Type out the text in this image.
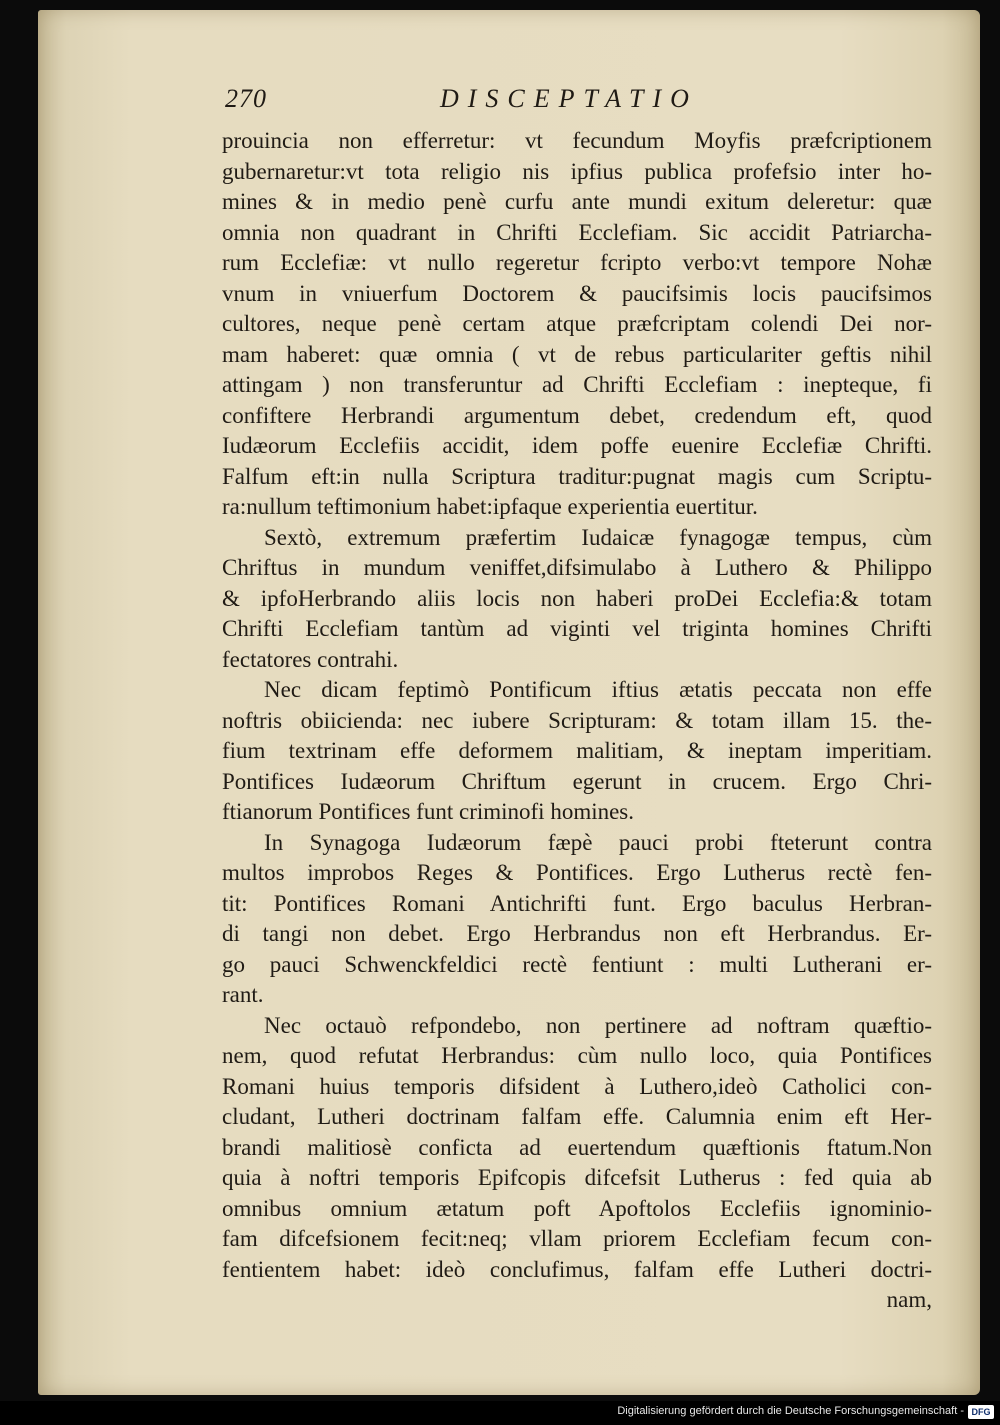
270	DISCEPTATIO
prouincia non efferretur: vt fecundum Moyfis præfcriptionem
gubernaretur:vt tota religio nis ipfius publica profefsio inter ho-
mines & in medio penè curfu ante mundi exitum deleretur: quæ
omnia non quadrant in Chrifti Ecclefiam. Sic accidit Patriarcha-
rum Ecclefiæ: vt nullo regeretur fcripto verbo:vt tempore Nohæ
vnum in vniuerfum Doctorem & paucifsimis locis paucifsimos
cultores, neque penè certam atque præfcriptam colendi Dei nor-
mam haberet: quæ omnia ( vt de rebus particulariter geftis nihil
attingam ) non transferuntur ad Chrifti Ecclefiam : inepteque, fi
confiftere Herbrandi argumentum debet, credendum eft, quod
Iudæorum Ecclefiis accidit, idem poffe euenire Ecclefiæ Chrifti.
Falfum eft:in nulla Scriptura traditur:pugnat magis cum Scriptu-
ra:nullum teftimonium habet:ipfaque experientia euertitur.
Sextò, extremum præfertim Iudaicæ fynagogæ tempus, cùm
Chriftus in mundum veniffet,difsimulabo à Luthero & Philippo
& ipfoHerbrando aliis locis non haberi proDei Ecclefia:& totam
Chrifti Ecclefiam tantùm ad viginti vel triginta homines Chrifti
fectatores contrahi.
Nec dicam feptimò Pontificum iftius ætatis peccata non effe
noftris obiicienda: nec iubere Scripturam: & totam illam 15. the-
fium textrinam effe deformem malitiam, & ineptam imperitiam.
Pontifices Iudæorum Chriftum egerunt in crucem. Ergo Chri-
ftianorum Pontifices funt criminofi homines.
In Synagoga Iudæorum fæpè pauci probi fteterunt contra
multos improbos Reges & Pontifices. Ergo Lutherus rectè fen-
tit: Pontifices Romani Antichrifti funt. Ergo baculus Herbran-
di tangi non debet. Ergo Herbrandus non eft Herbrandus. Er-
go pauci Schwenckfeldici rectè fentiunt : multi Lutherani er-
rant.
Nec octauò refpondebo, non pertinere ad noftram quæftio-
nem, quod refutat Herbrandus: cùm nullo loco, quia Pontifices
Romani huius temporis difsident à Luthero,ideò Catholici con-
cludant, Lutheri doctrinam falfam effe. Calumnia enim eft Her-
brandi malitiosè conficta ad euertendum quæftionis ftatum.Non
quia à noftri temporis Epifcopis difcefsit Lutherus : fed quia ab
omnibus omnium ætatum poft Apoftolos Ecclefiis ignominio-
fam difcefsionem fecit:neq; vllam priorem Ecclefiam fecum con-
fentientem habet: ideò conclufimus, falfam effe Lutheri doctri-
nam,
Digitalisierung gefördert durch die Deutsche Forschungsgemeinschaft - DFG
